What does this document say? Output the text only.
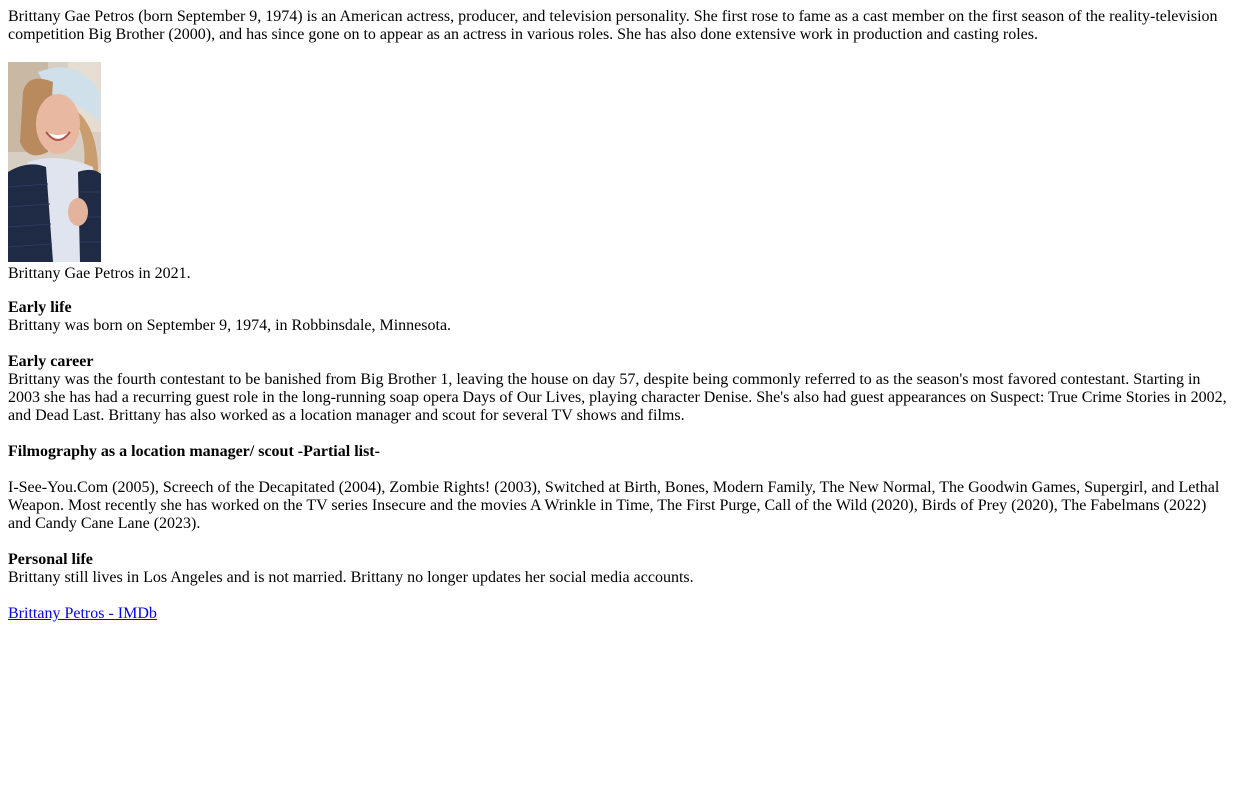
Brittany Gae Petros (born September 9, 1974) is an American actress, producer, and television personality. She first rose to fame as a cast member on the first season of the reality-television competition Big Brother (2000), and has since gone on to appear as an actress in various roles. She has also done extensive work in production and casting roles.

Brittany Gae Petros in 2021.

Early life

Brittany was born on September 9, 1974, in Robbinsdale, Minnesota.

Early career

Brittany was the fourth contestant to be banished from Big Brother 1, leaving the house on day 57, despite being commonly referred to as the season's most favored contestant. Starting in 2003 she has had a recurring guest role in the long-running soap opera Days of Our Lives, playing character Denise. She's also had guest appearances on Suspect: True Crime Stories in 2002, and Dead Last. Brittany has also worked as a location manager and scout for several TV shows and films.

Filmography as a location manager/ scout -Partial list-

I-See-You.Com (2005), Screech of the Decapitated (2004), Zombie Rights! (2003), Switched at Birth, Bones, Modern Family, The New Normal, The Goodwin Games, Supergirl, and Lethal Weapon. Most recently she has worked on the TV series Insecure and the movies A Wrinkle in Time, The First Purge, Call of the Wild (2020), Birds of Prey (2020), The Fabelmans (2022) and Candy Cane Lane (2023).

Personal life

Brittany still lives in Los Angeles and is not married. Brittany no longer updates her social media accounts.

Brittany Petros - IMDb
